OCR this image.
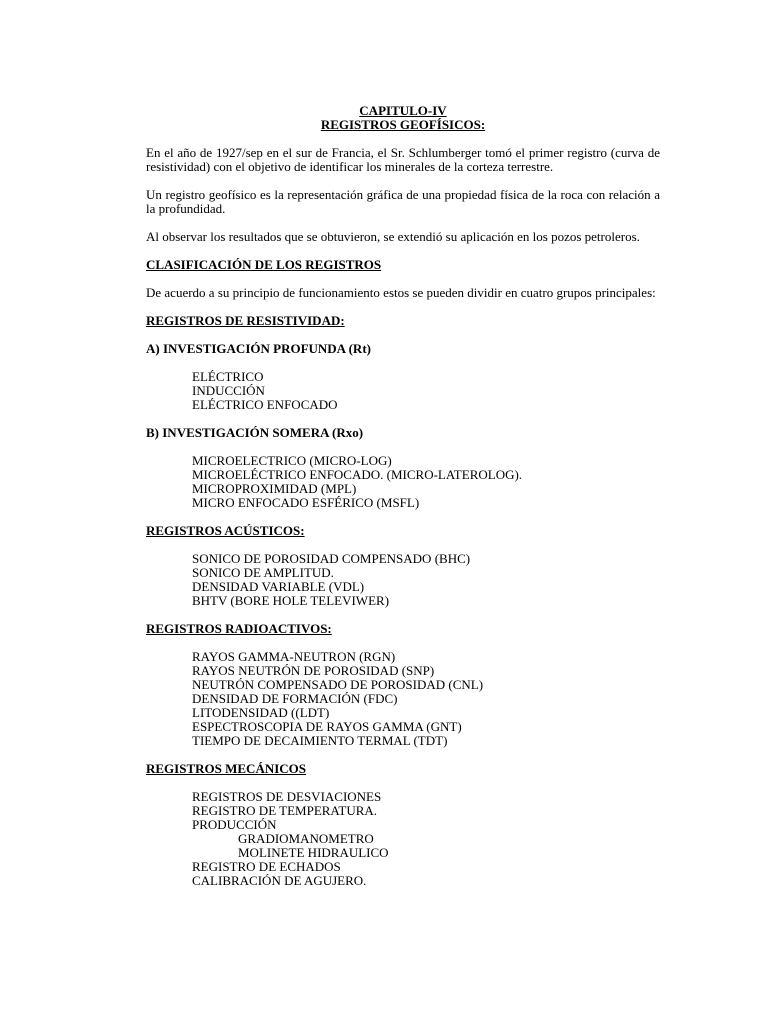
CAPITULO-IV
REGISTROS GEOFÍSICOS:

En el año de 1927/sep en el sur de Francia, el Sr. Schlumberger tomó el primer registro (curva de resistividad) con el objetivo de identificar los minerales de la corteza terrestre.

Un registro geofísico es la representación gráfica de una propiedad física de la roca con relación a la profundidad.

Al observar los resultados que se obtuvieron, se extendió su aplicación en los pozos petroleros.

CLASIFICACIÓN DE LOS REGISTROS

De acuerdo a su principio de funcionamiento estos se pueden dividir en cuatro grupos principales:

REGISTROS DE RESISTIVIDAD:
A) INVESTIGACIÓN PROFUNDA (Rt)
ELÉCTRICO
INDUCCIÓN
ELÉCTRICO ENFOCADO
B) INVESTIGACIÓN SOMERA (Rxo)
MICROELECTRICO (MICRO-LOG)
MICROELÉCTRICO ENFOCADO. (MICRO-LATEROLOG).
MICROPROXIMIDAD (MPL)
MICRO ENFOCADO ESFÉRICO (MSFL)
REGISTROS ACÚSTICOS:
SONICO DE POROSIDAD COMPENSADO (BHC)
SONICO DE AMPLITUD.
DENSIDAD VARIABLE (VDL)
BHTV (BORE HOLE TELEVIWER)
REGISTROS RADIOACTIVOS:
RAYOS GAMMA-NEUTRON (RGN)
RAYOS NEUTRÓN DE POROSIDAD (SNP)
NEUTRÓN COMPENSADO DE POROSIDAD (CNL)
DENSIDAD DE FORMACIÓN (FDC)
LITODENSIDAD ((LDT)
ESPECTROSCOPIA DE RAYOS GAMMA (GNT)
TIEMPO DE DECAIMIENTO TERMAL (TDT)
REGISTROS MECÁNICOS
REGISTROS DE DESVIACIONES
REGISTRO DE TEMPERATURA.
PRODUCCIÓN
GRADIOMANOMETRO
MOLINETE HIDRAULICO
REGISTRO DE ECHADOS
CALIBRACIÓN DE AGUJERO.
